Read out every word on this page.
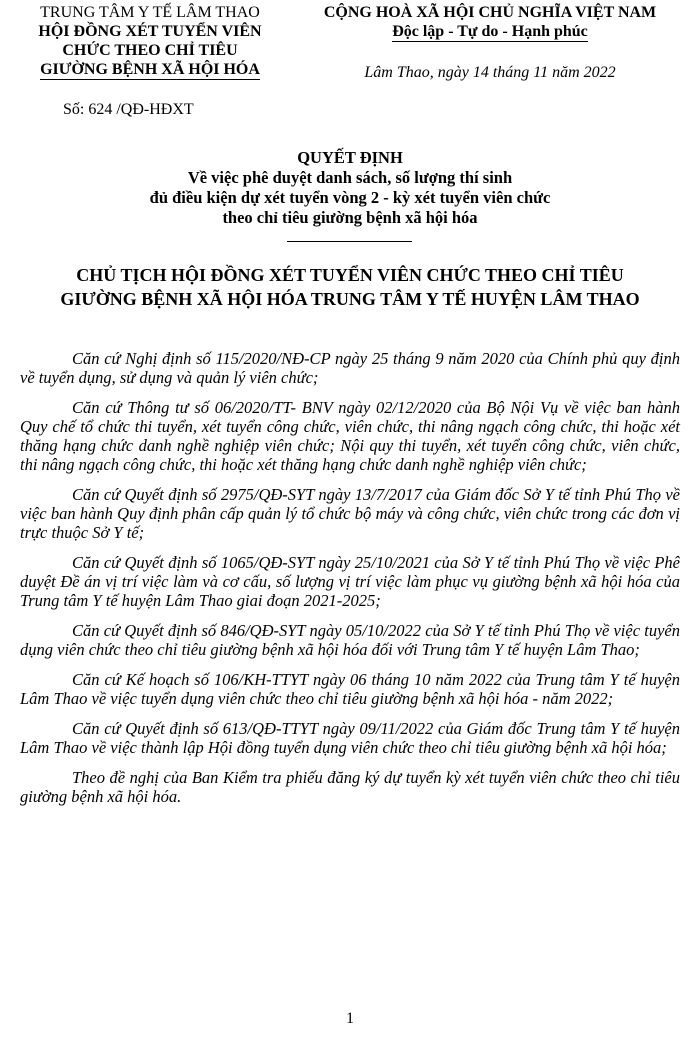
TRUNG TÂM Y TẾ LÂM THAO
HỘI ĐỒNG XÉT TUYỂN VIÊN
CHỨC THEO CHỈ TIÊU
GIƯỜNG BỆNH XÃ HỘI HÓA
Số: 624 /QĐ-HĐXT
CỘNG HOÀ XÃ HỘI CHỦ NGHĨA VIỆT NAM
Độc lập - Tự do - Hạnh phúc
Lâm Thao, ngày 14 tháng 11 năm 2022
QUYẾT ĐỊNH
Về việc phê duyệt danh sách, số lượng thí sinh
đủ điều kiện dự xét tuyển vòng 2 - kỳ xét tuyển viên chức
theo chỉ tiêu giường bệnh xã hội hóa
CHỦ TỊCH HỘI ĐỒNG XÉT TUYỂN VIÊN CHỨC THEO CHỈ TIÊU
GIƯỜNG BỆNH XÃ HỘI HÓA TRUNG TÂM Y TẾ HUYỆN LÂM THAO

Căn cứ Nghị định số 115/2020/NĐ-CP ngày 25 tháng 9 năm 2020 của Chính phủ quy định về tuyển dụng, sử dụng và quản lý viên chức;

Căn cứ Thông tư số 06/2020/TT- BNV ngày 02/12/2020 của Bộ Nội Vụ về việc ban hành Quy chế tổ chức thi tuyển, xét tuyển công chức, viên chức, thi nâng ngạch công chức, thi hoặc xét thăng hạng chức danh nghề nghiệp viên chức; Nội quy thi tuyển, xét tuyển công chức, viên chức, thi nâng ngạch công chức, thi hoặc xét thăng hạng chức danh nghề nghiệp viên chức;

Căn cứ Quyết định số 2975/QĐ-SYT ngày 13/7/2017 của Giám đốc Sở Y tế tỉnh Phú Thọ về việc ban hành Quy định phân cấp quản lý tổ chức bộ máy và công chức, viên chức trong các đơn vị trực thuộc Sở Y tế;

Căn cứ Quyết định số 1065/QĐ-SYT ngày 25/10/2021 của Sở Y tế tỉnh Phú Thọ về việc Phê duyệt Đề án vị trí việc làm và cơ cấu, số lượng vị trí việc làm phục vụ giường bệnh xã hội hóa của Trung tâm Y tế huyện Lâm Thao giai đoạn 2021-2025;

Căn cứ Quyết định số 846/QĐ-SYT ngày 05/10/2022 của Sở Y tế tỉnh Phú Thọ về việc tuyển dụng viên chức theo chỉ tiêu giường bệnh xã hội hóa đối với Trung tâm Y tế huyện Lâm Thao;

Căn cứ Kế hoạch số 106/KH-TTYT ngày 06 tháng 10 năm 2022 của Trung tâm Y tế huyện Lâm Thao về việc tuyển dụng viên chức theo chỉ tiêu giường bệnh xã hội hóa - năm 2022;

Căn cứ Quyết định số 613/QĐ-TTYT ngày 09/11/2022 của Giám đốc Trung tâm Y tế huyện Lâm Thao về việc thành lập Hội đồng tuyển dụng viên chức theo chỉ tiêu giường bệnh xã hội hóa;

Theo đề nghị của Ban Kiểm tra phiếu đăng ký dự tuyển kỳ xét tuyển viên chức theo chỉ tiêu giường bệnh xã hội hóa.

1
